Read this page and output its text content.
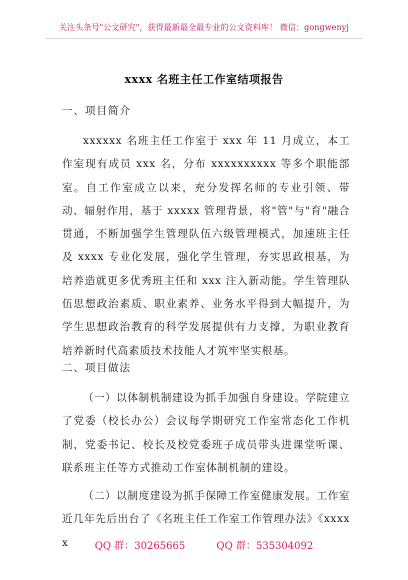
关注头条号"公文研究"，获得最新最全最专业的公文资料库！ 微信：gongwenyj
xxxx 名班主任工作室结项报告
一、项目简介
xxxxxx 名班主任工作室于 xxx 年 11 月成立，本工作室现有成员 xxx 名，分布 xxxxxxxxxx 等多个职能部室。自工作室成立以来，充分发挥名师的专业引领、带动、辐射作用，基于 xxxxx 管理背景，将"管"与"育"融合贯通，不断加强学生管理队伍六级管理模式，加速班主任及 xxxx 专业化发展，强化学生管理，夯实思政根基，为培养造就更多优秀班主任和 xxx 注入新动能。学生管理队伍思想政治素质、职业素养、业务水平得到大幅提升，为学生思想政治教育的科学发展提供有力支撑，为职业教育培养新时代高素质技术技能人才筑牢坚实根基。
二、项目做法
（一）以体制机制建设为抓手加强自身建设。学院建立了党委（校长办公）会议每学期研究工作室常态化工作机制，党委书记、校长及校党委班子成员带头进课堂听课、联系班主任等方式推动工作室体制机制的建设。
（二）以制度建设为抓手保障工作室健康发展。工作室近几年先后出台了《名班主任工作室工作管理办法》《xxxxx	QQ 群：30265665	QQ 群：535304092
